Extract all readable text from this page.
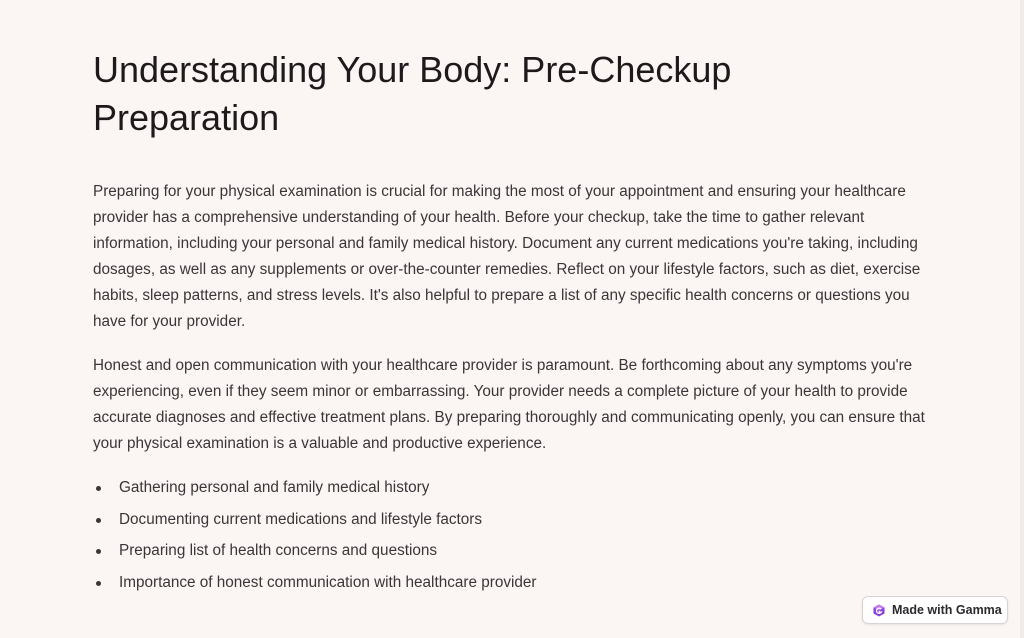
Understanding Your Body: Pre-Checkup Preparation

Preparing for your physical examination is crucial for making the most of your appointment and ensuring your healthcare provider has a comprehensive understanding of your health. Before your checkup, take the time to gather relevant information, including your personal and family medical history. Document any current medications you're taking, including dosages, as well as any supplements or over-the-counter remedies. Reflect on your lifestyle factors, such as diet, exercise habits, sleep patterns, and stress levels. It's also helpful to prepare a list of any specific health concerns or questions you have for your provider.

Honest and open communication with your healthcare provider is paramount. Be forthcoming about any symptoms you're experiencing, even if they seem minor or embarrassing. Your provider needs a complete picture of your health to provide accurate diagnoses and effective treatment plans. By preparing thoroughly and communicating openly, you can ensure that your physical examination is a valuable and productive experience.

Gathering personal and family medical history
Documenting current medications and lifestyle factors
Preparing list of health concerns and questions
Importance of honest communication with healthcare provider
Made with Gamma
